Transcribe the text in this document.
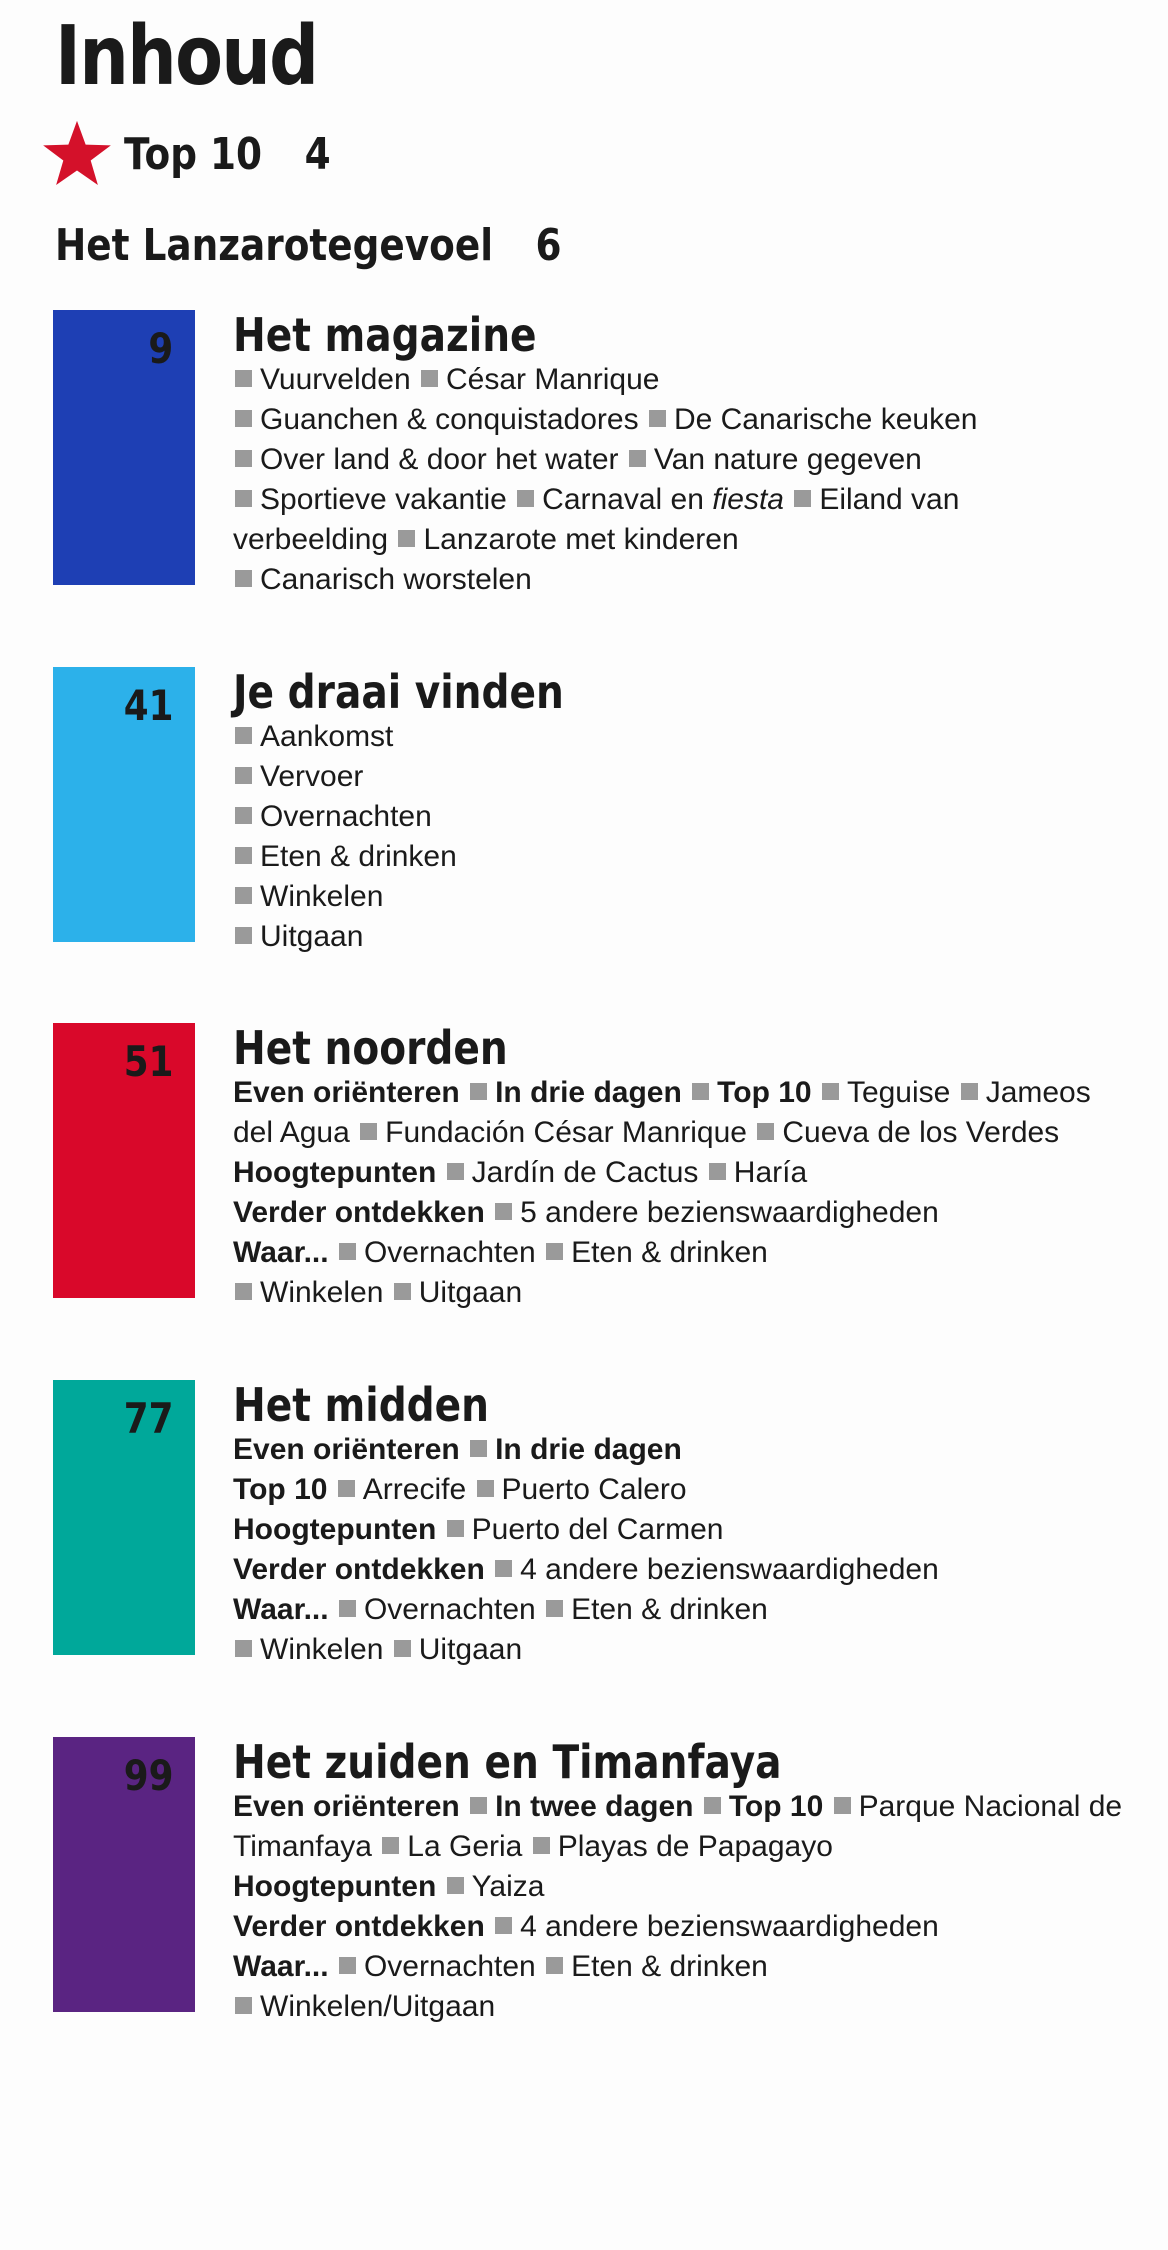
Inhoud
Top 10 4
Het Lanzarotegevoel 6
9 Het magazine

Vuurvelden César Manrique

Guanchen & conquistadores De Canarische keuken

Over land & door het water Van nature gegeven

Sportieve vakantie Carnaval en fiesta Eiland van

verbeelding Lanzarote met kinderen

Canarisch worstelen

41 Je draai vinden

Aankomst

Vervoer

Overnachten

Eten & drinken

Winkelen

Uitgaan

51 Het noorden

Even oriënteren In drie dagen Top 10 Teguise Jameos

del Agua Fundación César Manrique Cueva de los Verdes

Hoogtepunten Jardín de Cactus Haría

Verder ontdekken 5 andere bezienswaardigheden

Waar... Overnachten Eten & drinken

Winkelen Uitgaan

77 Het midden

Even oriënteren In drie dagen

Top 10 Arrecife Puerto Calero

Hoogtepunten Puerto del Carmen

Verder ontdekken 4 andere bezienswaardigheden

Waar... Overnachten Eten & drinken

Winkelen Uitgaan

99 Het zuiden en Timanfaya

Even oriënteren In twee dagen Top 10 Parque Nacional de

Timanfaya La Geria Playas de Papagayo

Hoogtepunten Yaiza

Verder ontdekken 4 andere bezienswaardigheden

Waar... Overnachten Eten & drinken

Winkelen/Uitgaan
